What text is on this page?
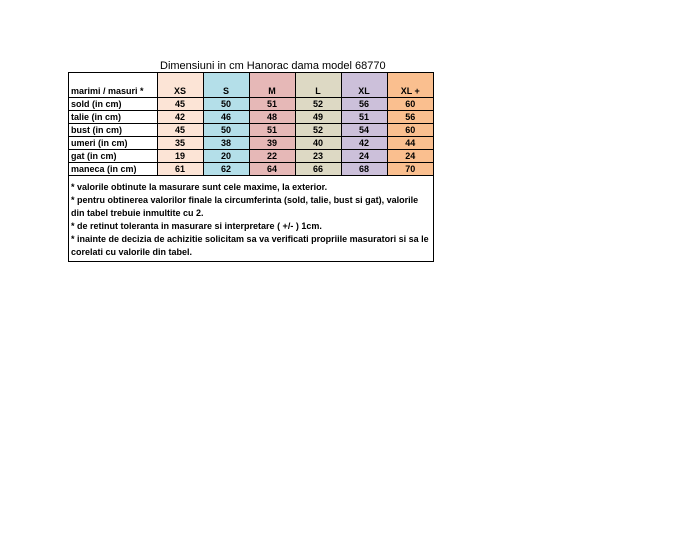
Dimensiuni in cm Hanorac dama model 68770
marimi / masuri *	XS	S	M	L	XL	XL +
sold (in cm)	45	50	51	52	56	60
talie (in cm)	42	46	48	49	51	56
bust (in cm)	45	50	51	52	54	60
umeri (in cm)	35	38	39	40	42	44
gat (in cm)	19	20	22	23	24	24
maneca (in cm)	61	62	64	66	68	70
* valorile obtinute la masurare sunt cele maxime, la exterior.
* pentru obtinerea valorilor finale la circumferinta (sold, talie, bust si gat), valorile din tabel trebuie inmultite cu 2.
* de retinut toleranta in masurare si interpretare ( +/- ) 1cm.
* inainte de decizia de achizitie solicitam sa va verificati propriile masuratori si sa le corelati cu valorile din tabel.
